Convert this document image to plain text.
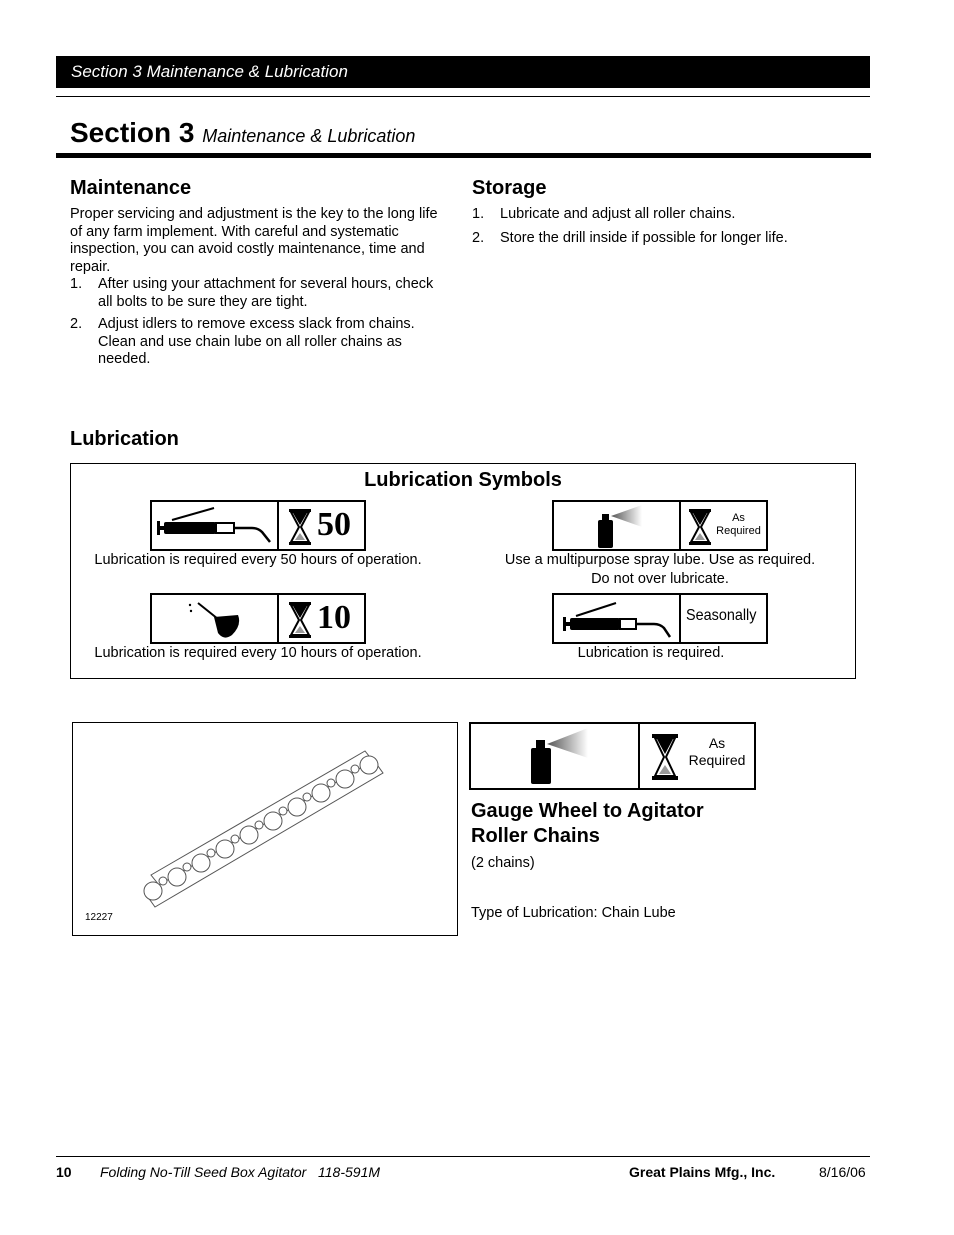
Section 3 Maintenance & Lubrication
Section 3 Maintenance & Lubrication
Maintenance
Proper servicing and adjustment is the key to the long life of any farm implement. With careful and systematic inspection, you can avoid costly maintenance, time and repair.
1. After using your attachment for several hours, check all bolts to be sure they are tight.
2. Adjust idlers to remove excess slack from chains. Clean and use chain lube on all roller chains as needed.
Storage
1. Lubricate and adjust all roller chains.
2. Store the drill inside if possible for longer life.
Lubrication
Lubrication Symbols
50
Lubrication is required every 50 hours of operation.
As Required
Use a multipurpose spray lube. Use as required.
Do not over lubricate.
10
Lubrication is required every 10 hours of operation.
Seasonally
Lubrication is required.
12227
As Required
Gauge Wheel to Agitator
Roller Chains
(2 chains)
Type of Lubrication: Chain Lube
10 Folding No-Till Seed Box Agitator   118-591M	Great Plains Mfg., Inc.	8/16/06
